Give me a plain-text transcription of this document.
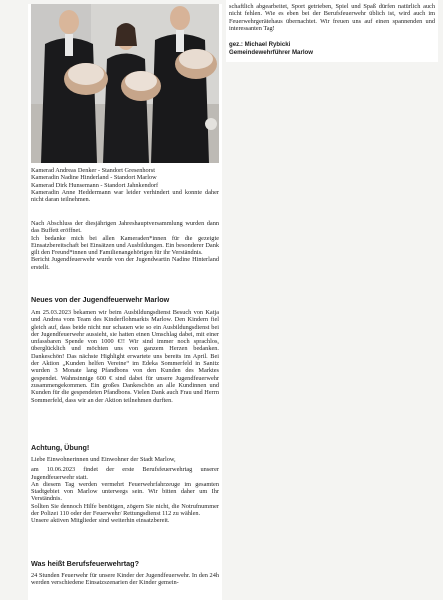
Kamerad Andreas Denker - Standort Gresenhorst

Kameradin Nadine Hinderland - Standort Marlow

Kamerad Dirk Hunsemann - Standort Jahnkendorf

Kameradin Anne Heddermann war leider verhindert und konnte daher nicht daran teilnehmen.

Nach Abschluss der diesjährigen Jahreshauptversammlung wurden dann das Buffett eröffnet.

Ich bedanke mich bei allen Kameraden*innen für die gezeigte Einsatzbereitschaft bei Einsätzen und Ausbildungen. Ein besonderer Dank gilt den Freund*innen und Familienangehörigen für ihr Verständnis.

Bericht Jugendfeuerwehr wurde von der Jugendwartin Nadine Hinterland erstellt.

Neues von der Jugendfeuerwehr Marlow

Am 25.03.2023 bekamen wir beim Ausbildungsdienst Besuch von Katja und Andrea vom Team des Kinderflohmarkts Marlow. Den Kindern fiel gleich auf, dass beide nicht nur schauen wie so ein Ausbildungsdienst bei der Jugendfeuerwehr aussieht, sie hatten einen Umschlag dabei, mit einer unfassbaren Spende von 1000 €!! Wir sind immer noch sprachlos, überglücklich und möchten uns von ganzem Herzen bedanken. Dankeschön! Das nächste Highlight erwartete uns bereits im April. Bei der Aktion „Kunden helfen Vereine“ im Edeka Sommerfeld in Sanitz wurden 3 Monate lang Pfandbons von den Kunden des Marktes gespendet. Wahnsinnige 600 € sind dabei für unsere Jugendfeuerwehr zusammengekommen. Ein großes Dankeschön an alle Kundinnen und Kunden für die gespendeten Pfandbons. Vielen Dank auch Frau und Herrn Sommerfeld, dass wir an der Aktion teilnehmen durften.

Achtung, Übung!

Liebe Einwohnerinnen und Einwohner der Stadt Marlow,

am 10.06.2023 findet der erste Berufsfeuerwehrtag unserer Jugendfeuerwehr statt.

An diesem Tag werden vermehrt Feuerwehrfahrzeuge im gesamten Stadtgebiet von Marlow unterwegs sein. Wir bitten daher um Ihr Verständnis.

Sollten Sie dennoch Hilfe benötigen, zögern Sie nicht, die Notrufnummer der Polizei 110 oder der Feuerwehr/ Rettungsdienst 112 zu wählen.

Unsere aktiven Mitglieder sind weiterhin einsatzbereit.

Was heißt Berufsfeuerwehrtag?

24 Stunden Feuerwehr für unsere Kinder der Jugendfeuerwehr. In den 24h werden verschiedene Einsatzszenarien der Kinder gemein-

schaftlich abgearbeitet, Sport getrieben, Spiel und Spaß dürfen natürlich auch nicht fehlen. Wie es eben bei der Berufsfeuerwehr üblich ist, wird auch im Feuerwehrgerätehaus übernachtet. Wir freuen uns auf einen spannenden und interessanten Tag!

gez.: Michael Rybicki
Gemeindewehrführer Marlow
